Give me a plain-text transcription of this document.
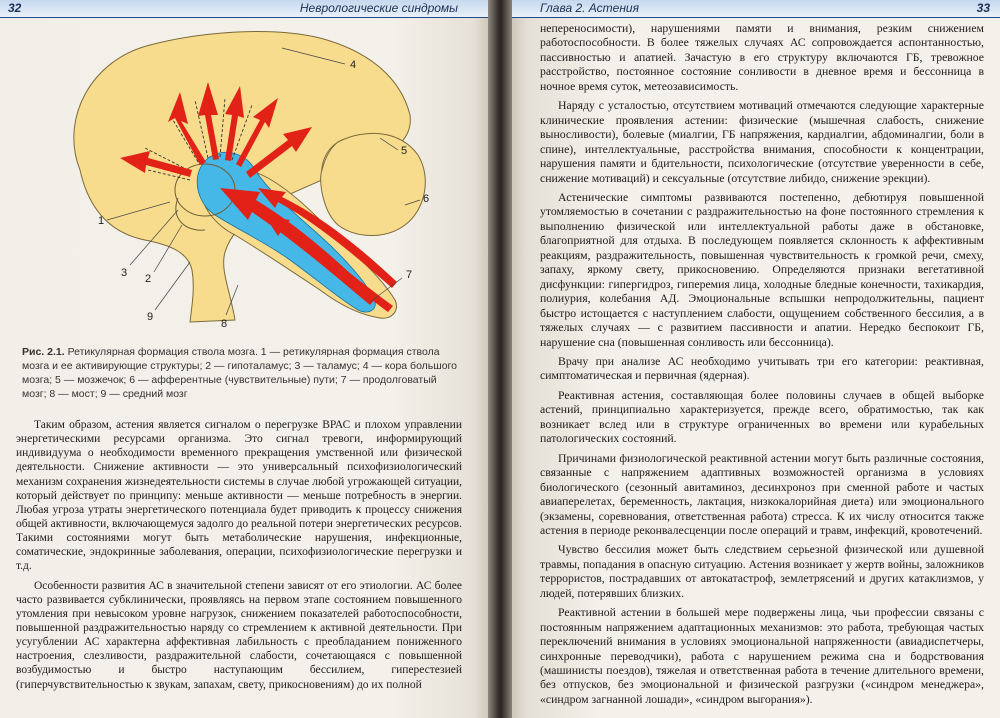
32	Неврологические синдромы
1
2
3
4
5
6
7
8
9
Рис. 2.1. Ретикулярная формация ствола мозга. 1 — ретикулярная формация ствола мозга и ее активирующие структуры; 2 — гипоталамус; 3 — таламус; 4 — кора большого мозга; 5 — мозжечок; 6 — афферентные (чувствительные) пути; 7 — продолговатый мозг; 8 — мост; 9 — средний мозг

Таким образом, астения является сигналом о перегрузке ВРАС и плохом управлении энергетическими ресурсами организма. Это сигнал тревоги, информирующий индивидуума о необходимости временного прекращения умственной или физической деятельности. Снижение активности — это универсальный психофизиологический механизм сохранения жизнедеятельности системы в случае любой угрожающей ситуации, который действует по принципу: меньше активности — меньше потребность в энергии. Любая угроза утраты энергетического потенциала будет приводить к процессу снижения общей активности, включающемуся задолго до реальной потери энергетических ресурсов. Такими состояниями могут быть метаболические нарушения, инфекционные, соматические, эндокринные заболевания, операции, психофизиологические перегрузки и т.д.

Особенности развития АС в значительной степени зависят от его этиологии. АС более часто развивается субклинически, проявляясь на первом этапе состоянием повышенного утомления при невысоком уровне нагрузок, снижением показателей работоспособности, повышенной раздражительностью наряду со стремлением к активной деятельности. При усугублении АС характерна аффективная лабильность с преобладанием пониженного настроения, слезливости, раздражительной слабости, сочетающаяся с повышенной возбудимостью и быстро наступающим бессилием, гиперестезией (гиперчувствительностью к звукам, запахам, свету, прикосновениям) до их полной

Глава 2. Астения	33

непереносимости), нарушениями памяти и внимания, резким снижением работоспособности. В более тяжелых случаях АС сопровождается аспонтанностью, пассивностью и апатией. Зачастую в его структуру включаются ГБ, тревожное расстройство, постоянное состояние сонливости в дневное время и бессонница в ночное время суток, метеозависимость.

Наряду с усталостью, отсутствием мотиваций отмечаются следующие характерные клинические проявления астении: физические (мышечная слабость, снижение выносливости), болевые (миалгии, ГБ напряжения, кардиалгии, абдоминалгии, боли в спине), интеллектуальные, расстройства внимания, способности к концентрации, нарушения памяти и бдительности, психологические (отсутствие уверенности в себе, снижение мотиваций) и сексуальные (отсутствие либидо, снижение эрекции).

Астенические симптомы развиваются постепенно, дебютируя повышенной утомляемостью в сочетании с раздражительностью на фоне постоянного стремления к выполнению физической или интеллектуальной работы даже в обстановке, благоприятной для отдыха. В последующем появляется склонность к аффективным реакциям, раздражительность, повышенная чувствительность к громкой речи, смеху, запаху, яркому свету, прикосновению. Определяются признаки вегетативной дисфункции: гипергидроз, гиперемия лица, холодные бледные конечности, тахикардия, полиурия, колебания АД. Эмоциональные вспышки непродолжительны, пациент быстро истощается с наступлением слабости, ощущением собственного бессилия, а в тяжелых случаях — с развитием пассивности и апатии. Нередко беспокоит ГБ, нарушение сна (повышенная сонливость или бессонница).

Врачу при анализе АС необходимо учитывать три его категории: реактивная, симптоматическая и первичная (ядерная).

Реактивная астения, составляющая более половины случаев в общей выборке астений, принципиально характеризуется, прежде всего, обратимостью, так как возникает вслед или в структуре ограниченных во времени или курабельных патологических состояний.

Причинами физиологической реактивной астении могут быть различные состояния, связанные с напряжением адаптивных возможностей организма в условиях биологического (сезонный авитаминоз, десинхроноз при сменной работе и частых авиаперелетах, беременность, лактация, низкокалорийная диета) или эмоционального (экзамены, соревнования, ответственная работа) стресса. К их числу относится также астения в периоде реконвалесценции после операций и травм, инфекций, кровотечений.

Чувство бессилия может быть следствием серьезной физической или душевной травмы, попадания в опасную ситуацию. Астения возникает у жертв войны, заложников террористов, пострадавших от автокатастроф, землетрясений и других катаклизмов, у людей, потерявших близких.

Реактивной астении в большей мере подвержены лица, чьи профессии связаны с постоянным напряжением адаптационных механизмов: это работа, требующая частых переключений внимания в условиях эмоциональной напряженности (авиадиспетчеры, синхронные переводчики), работа с нарушением режима сна и бодрствования (машинисты поездов), тяжелая и ответственная работа в течение длительного времени, без отпусков, без эмоциональной и физической разгрузки («синдром менеджера», «синдром загнанной лошади», «синдром выгорания»).
